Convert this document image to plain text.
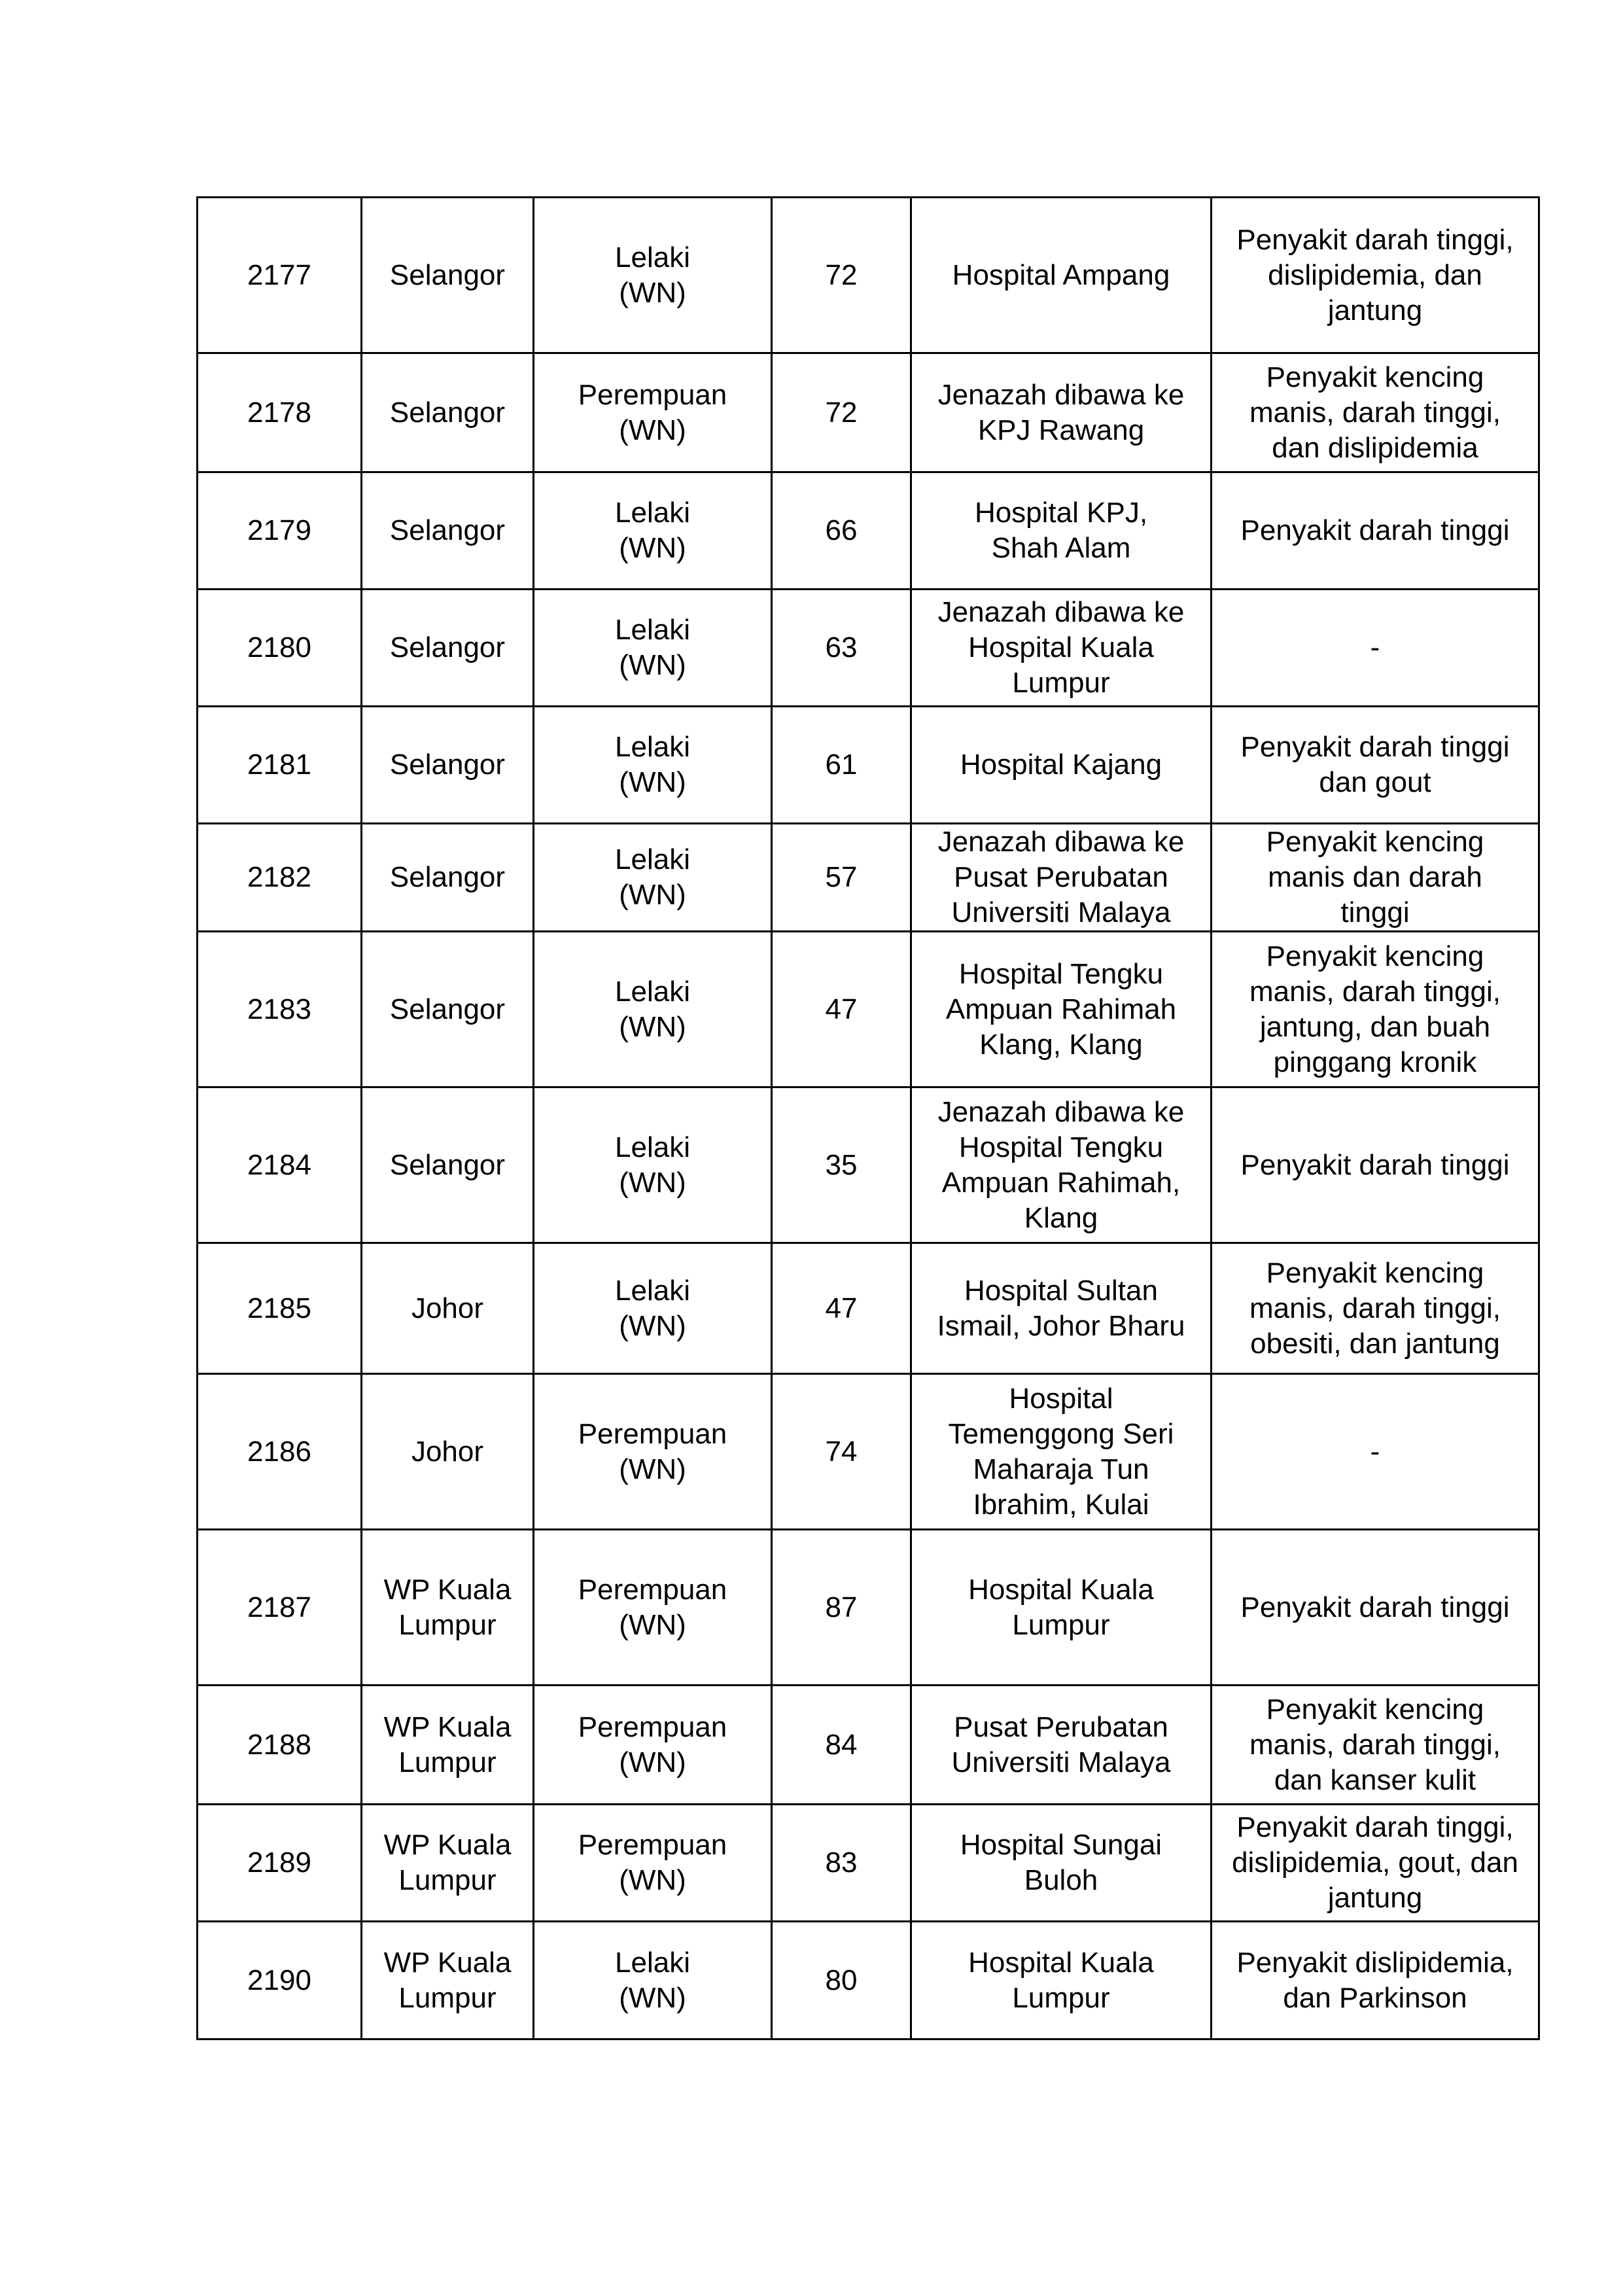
2177	Selangor	Lelaki
(WN)	72	Hospital Ampang	Penyakit darah tinggi,
dislipidemia, dan
jantung

2178	Selangor	Perempuan
(WN)	72	Jenazah dibawa ke
KPJ Rawang	Penyakit kencing
manis, darah tinggi,
dan dislipidemia

2179	Selangor	Lelaki
(WN)	66	Hospital KPJ,
Shah Alam	Penyakit darah tinggi

2180	Selangor	Lelaki
(WN)	63	Jenazah dibawa ke
Hospital Kuala
Lumpur	-

2181	Selangor	Lelaki
(WN)	61	Hospital Kajang	Penyakit darah tinggi
dan gout

2182	Selangor	Lelaki
(WN)	57	Jenazah dibawa ke
Pusat Perubatan
Universiti Malaya	Penyakit kencing
manis dan darah
tinggi

2183	Selangor	Lelaki
(WN)	47	Hospital Tengku
Ampuan Rahimah
Klang, Klang	Penyakit kencing
manis, darah tinggi,
jantung, dan buah
pinggang kronik

2184	Selangor	Lelaki
(WN)	35	Jenazah dibawa ke
Hospital Tengku
Ampuan Rahimah,
Klang	Penyakit darah tinggi

2185	Johor	Lelaki
(WN)	47	Hospital Sultan
Ismail, Johor Bharu	Penyakit kencing
manis, darah tinggi,
obesiti, dan jantung

2186	Johor	Perempuan
(WN)	74	Hospital
Temenggong Seri
Maharaja Tun
Ibrahim, Kulai	-

2187	WP Kuala
Lumpur	Perempuan
(WN)	87	Hospital Kuala
Lumpur	Penyakit darah tinggi

2188	WP Kuala
Lumpur	Perempuan
(WN)	84	Pusat Perubatan
Universiti Malaya	Penyakit kencing
manis, darah tinggi,
dan kanser kulit

2189	WP Kuala
Lumpur	Perempuan
(WN)	83	Hospital Sungai
Buloh	Penyakit darah tinggi,
dislipidemia, gout, dan
jantung

2190	WP Kuala
Lumpur	Lelaki
(WN)	80	Hospital Kuala
Lumpur	Penyakit dislipidemia,
dan Parkinson
